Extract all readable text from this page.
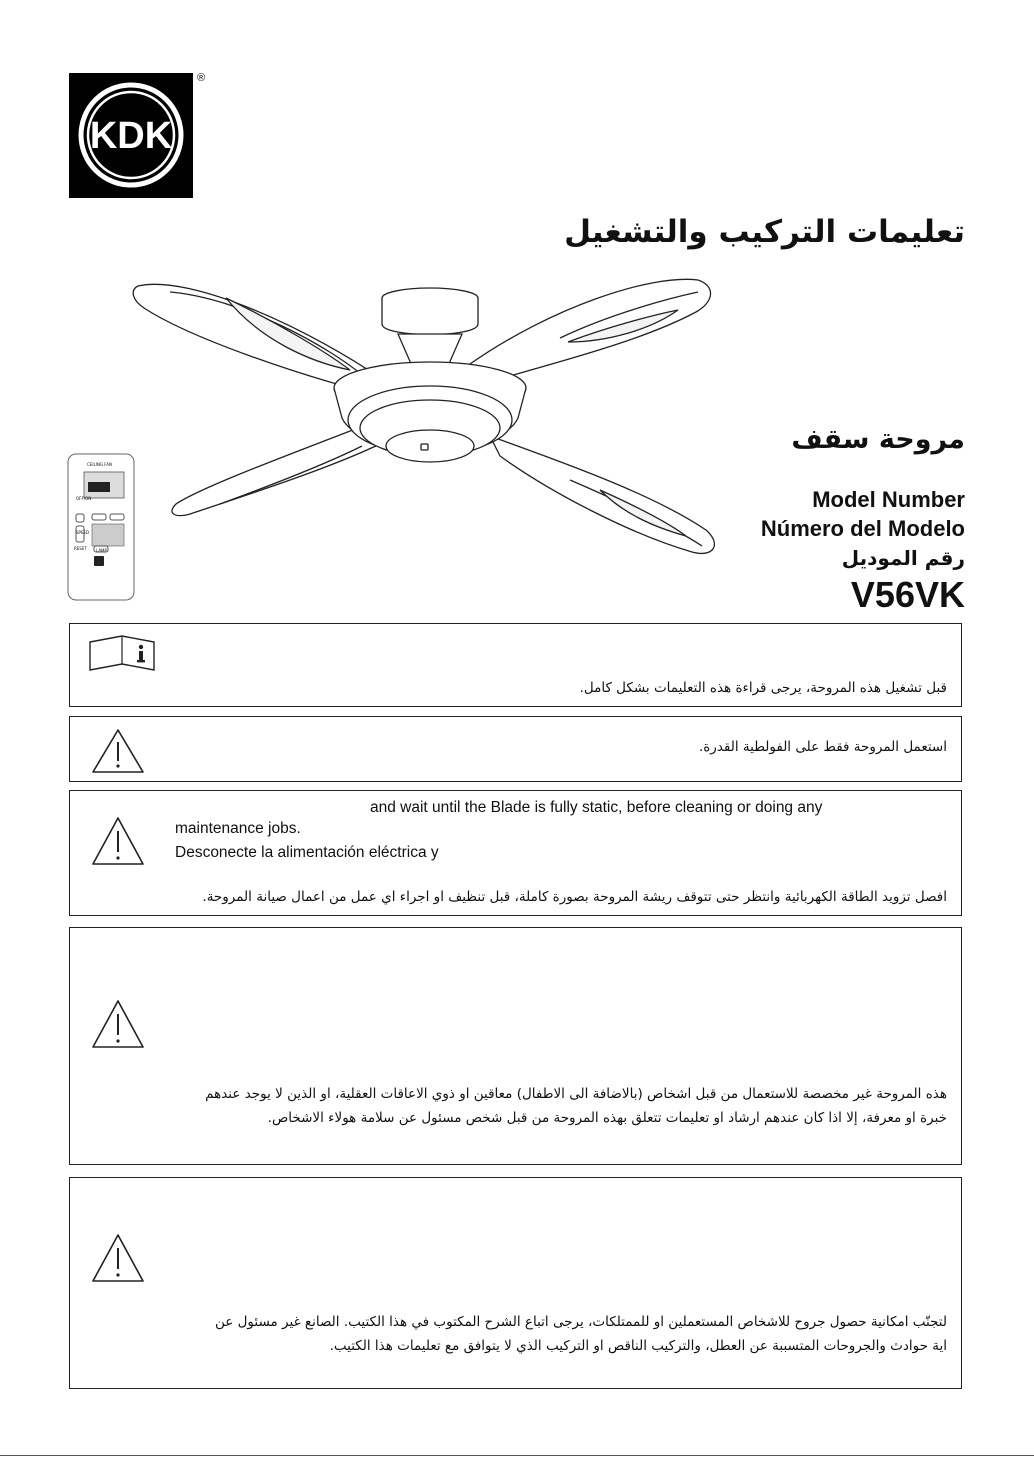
KDK
®
تعليمات التركيب والتشغيل
CEILING FAN
OFF/ON
SPEED
LAMP
RESET
مروحة سقف
Model Number
Número del Modelo
رقم الموديل
V56VK
قبل تشغيل هذه المروحة، يرجى قراءة هذه التعليمات بشكل كامل.
استعمل المروحة فقط على الفولطية القدرة.
and wait until the Blade is fully static, before cleaning or doing any
maintenance jobs.
Desconecte la alimentación eléctrica y
افصل تزويد الطاقة الكهربائية وانتظر حتى تتوقف ريشة المروحة بصورة كاملة، قبل تنظيف او اجراء اي عمل من اعمال صيانة المروحة.
هذه المروحة غير مخصصة للاستعمال من قبل اشخاص (بالاضافة الى الاطفال) معاقين او ذوي الاعاقات العقلية، او الذين لا يوجد عندهم
خبرة او معرفة، إلا اذا كان عندهم ارشاد او تعليمات تتعلق بهذه المروحة من قبل شخص مسئول عن سلامة هولاء الاشخاص.
لتجنّب امكانية حصول جروح للاشخاص المستعملين او للممتلكات، يرجى اتباع الشرح المكتوب في هذا الكتيب. الصانع غير مسئول عن
اية حوادث والجروحات المتسببة عن العطل، والتركيب الناقص او التركيب الذي لا يتوافق مع تعليمات هذا الكتيب.
